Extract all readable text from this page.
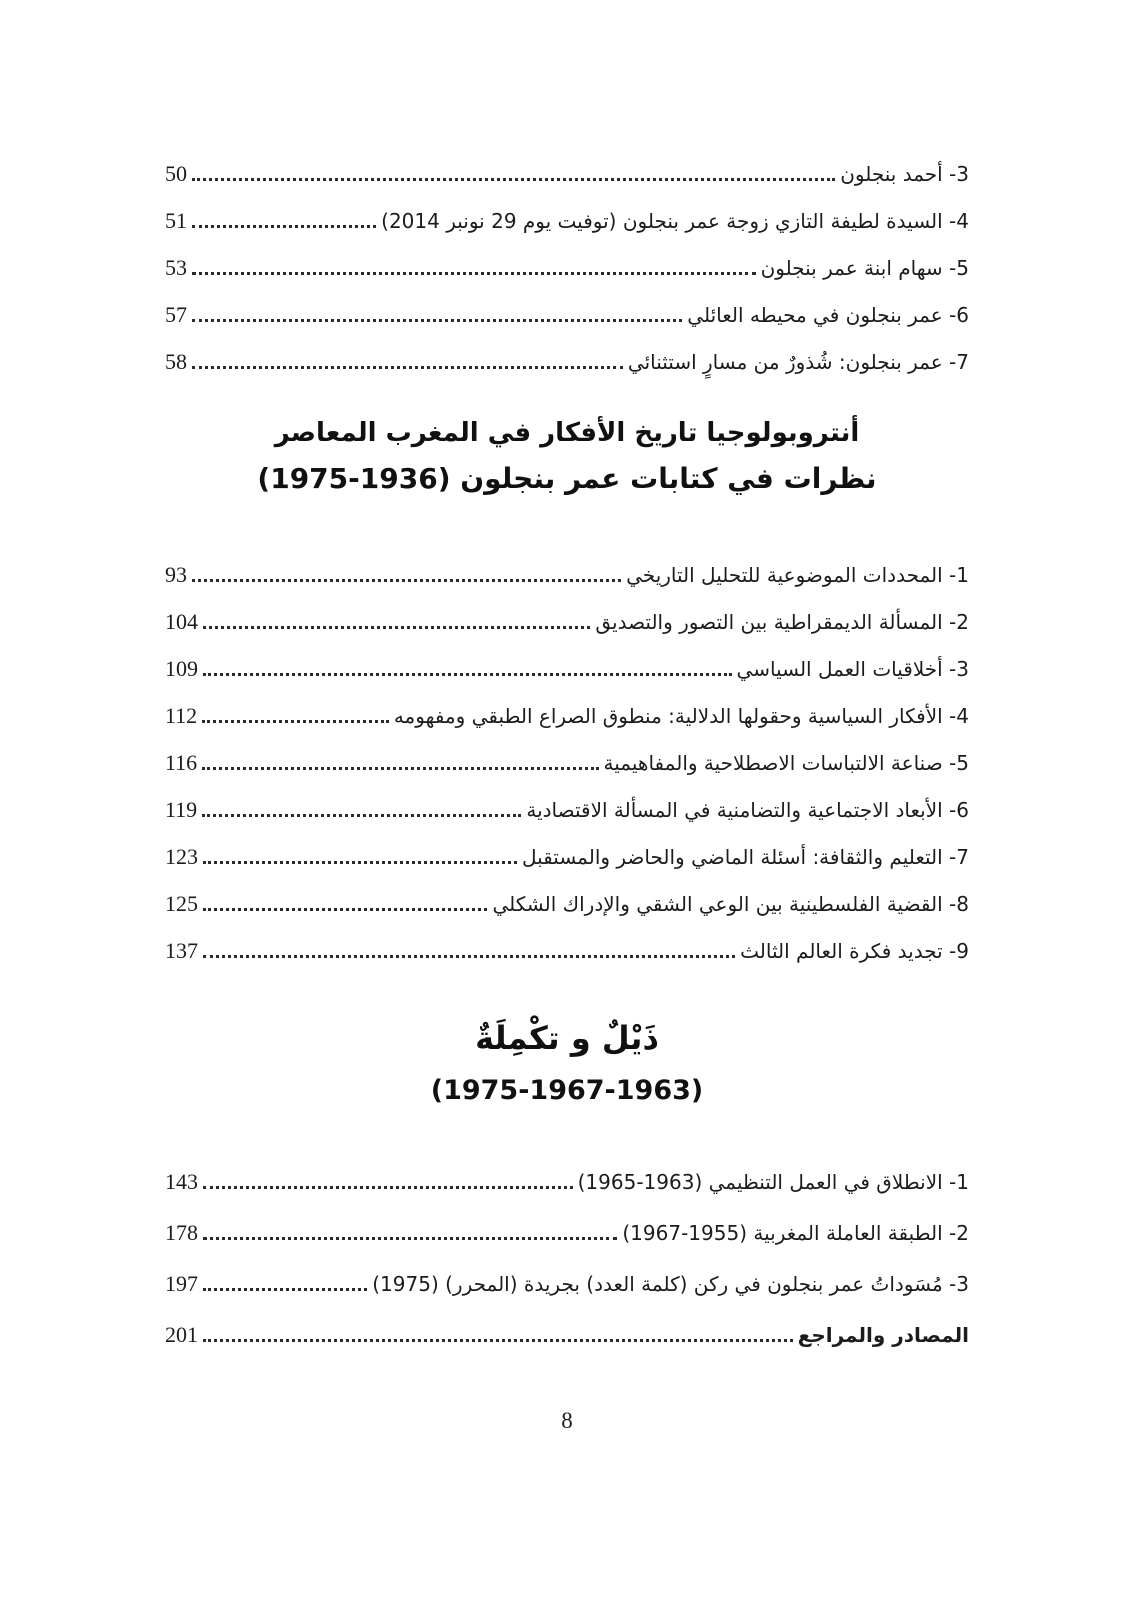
3- أحمد بنجلون
50
4- السيدة لطيفة التازي زوجة عمر بنجلون (توفيت يوم 29 نونبر 2014)
51
5- سهام ابنة عمر بنجلون
53
6- عمر بنجلون في محيطه العائلي
57
7- عمر بنجلون: شُذورٌ من مسارٍ استثنائي
58
أنتروبولوجيا تاريخ الأفكار في المغرب المعاصر
نظرات في كتابات عمر بنجلون (1936-1975)
1- المحددات الموضوعية للتحليل التاريخي
93
2- المسألة الديمقراطية بين التصور والتصديق
104
3- أخلاقيات العمل السياسي
109
4- الأفكار السياسية وحقولها الدلالية: منطوق الصراع الطبقي ومفهومه
112
5- صناعة الالتباسات الاصطلاحية والمفاهيمية
116
6- الأبعاد الاجتماعية والتضامنية في المسألة الاقتصادية
119
7- التعليم والثقافة: أسئلة الماضي والحاضر والمستقبل
123
8- القضية الفلسطينية بين الوعي الشقي والإدراك الشكلي
125
9- تجديد فكرة العالم الثالث
137
ذَيْلٌ و تكْمِلَةٌ
(1975-1967-1963)
1- الانطلاق في العمل التنظيمي (1963-1965)
143
2- الطبقة العاملة المغربية (1955-1967)
178
3- مُسَوداتُ عمر بنجلون في ركن (كلمة العدد) بجريدة (المحرر) (1975)
197
المصادر والمراجع
201
8
